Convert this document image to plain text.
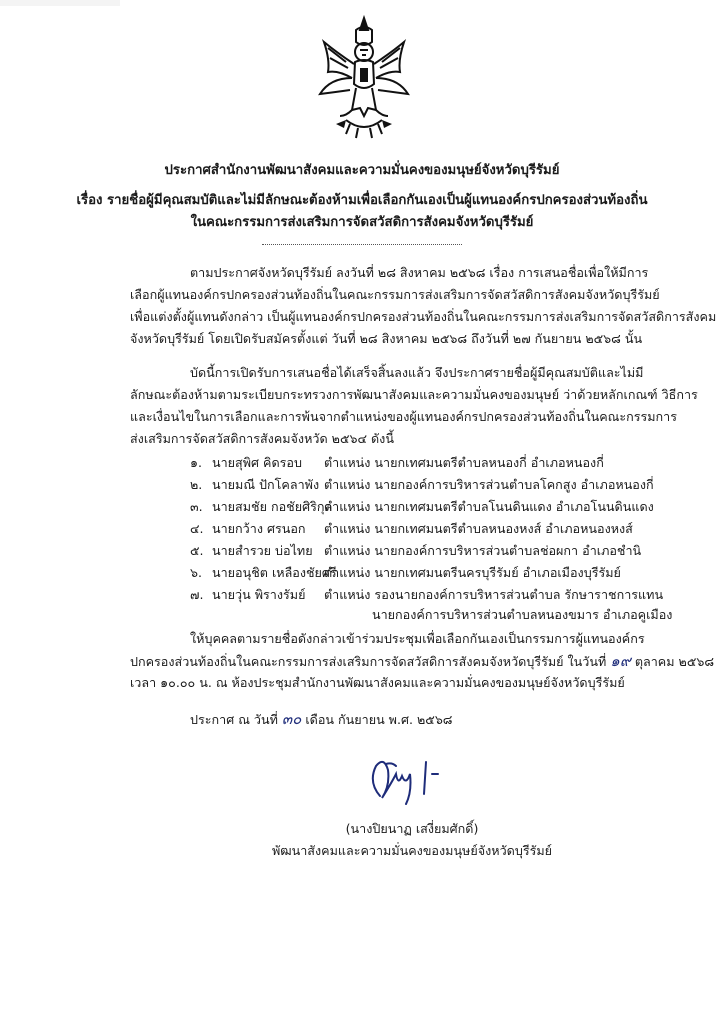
ประกาศสำนักงานพัฒนาสังคมและความมั่นคงของมนุษย์จังหวัดบุรีรัมย์
เรื่อง รายชื่อผู้มีคุณสมบัติและไม่มีลักษณะต้องห้ามเพื่อเลือกกันเองเป็นผู้แทนองค์กรปกครองส่วนท้องถิ่น
ในคณะกรรมการส่งเสริมการจัดสวัสดิการสังคมจังหวัดบุรีรัมย์
ตามประกาศจังหวัดบุรีรัมย์ ลงวันที่ ๒๘ สิงหาคม ๒๕๖๘ เรื่อง การเสนอชื่อเพื่อให้มีการ
เลือกผู้แทนองค์กรปกครองส่วนท้องถิ่นในคณะกรรมการส่งเสริมการจัดสวัสดิการสังคมจังหวัดบุรีรัมย์
เพื่อแต่งตั้งผู้แทนดังกล่าว เป็นผู้แทนองค์กรปกครองส่วนท้องถิ่นในคณะกรรมการส่งเสริมการจัดสวัสดิการสังคม
จังหวัดบุรีรัมย์ โดยเปิดรับสมัครตั้งแต่ วันที่ ๒๘ สิงหาคม ๒๕๖๘ ถึงวันที่ ๒๗ กันยายน ๒๕๖๘ นั้น
บัดนี้การเปิดรับการเสนอชื่อได้เสร็จสิ้นลงแล้ว จึงประกาศรายชื่อผู้มีคุณสมบัติและไม่มี
ลักษณะต้องห้ามตามระเบียบกระทรวงการพัฒนาสังคมและความมั่นคงของมนุษย์ ว่าด้วยหลักเกณฑ์ วิธีการ
และเงื่อนไขในการเลือกและการพ้นจากตำแหน่งของผู้แทนองค์กรปกครองส่วนท้องถิ่นในคณะกรรมการ
ส่งเสริมการจัดสวัสดิการสังคมจังหวัด ๒๕๖๔ ดังนี้
๑. นายสุพิศ คิดรอบ ตำแหน่ง นายกเทศมนตรีตำบลหนองกี่ อำเภอหนองกี่
๒. นายมณี ปักโคลาพัง ตำแหน่ง นายกองค์การบริหารส่วนตำบลโคกสูง อำเภอหนองกี่
๓. นายสมชัย กอชัยศิริกุล
ตำแหน่ง นายกเทศมนตรีตำบลโนนดินแดง อำเภอโนนดินแดง
๔. นายกว้าง ศรนอก ตำแหน่ง นายกเทศมนตรีตำบลหนองหงส์ อำเภอหนองหงส์
๕. นายสำรวย บ่อไทย ตำแหน่ง นายกองค์การบริหารส่วนตำบลช่อผกา อำเภอชำนิ
๖. นายอนุชิต เหลืองชัยศรี
ตำแหน่ง นายกเทศมนตรีนครบุรีรัมย์ อำเภอเมืองบุรีรัมย์
๗. นายวุ่น พิรางรัมย์ ตำแหน่ง รองนายกองค์การบริหารส่วนตำบล รักษาราชการแทน
นายกองค์การบริหารส่วนตำบลหนองขมาร อำเภอคูเมือง
ให้บุคคลตามรายชื่อดังกล่าวเข้าร่วมประชุมเพื่อเลือกกันเองเป็นกรรมการผู้แทนองค์กร
ปกครองส่วนท้องถิ่นในคณะกรรมการส่งเสริมการจัดสวัสดิการสังคมจังหวัดบุรีรัมย์ ในวันที่ ๑๙ ตุลาคม ๒๕๖๘
เวลา ๑๐.๐๐ น. ณ ห้องประชุมสำนักงานพัฒนาสังคมและความมั่นคงของมนุษย์จังหวัดบุรีรัมย์
ประกาศ ณ วันที่ ๓๐ เดือน กันยายน พ.ศ. ๒๕๖๘
(นางปิยนาฏ เสงี่ยมศักดิ์)
พัฒนาสังคมและความมั่นคงของมนุษย์จังหวัดบุรีรัมย์
